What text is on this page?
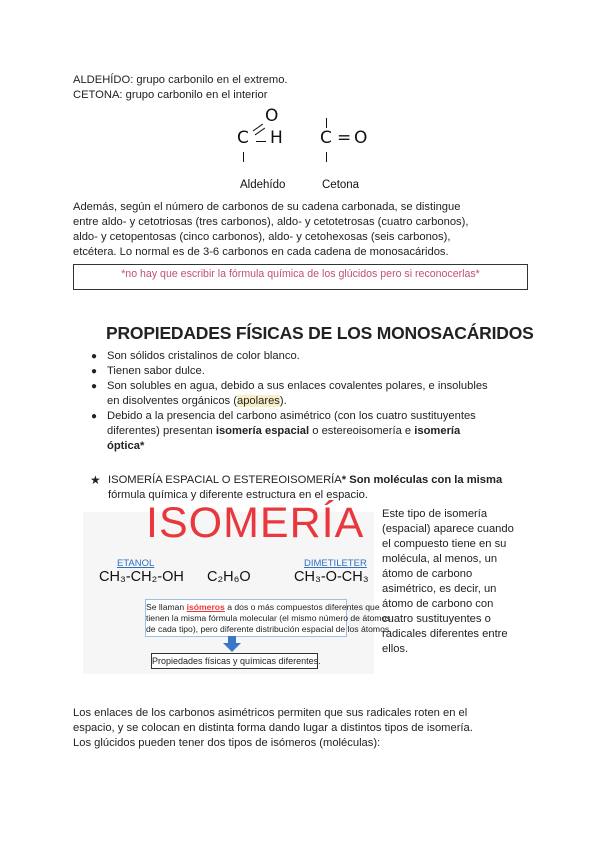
ALDEHÍDO: grupo carbonilo en el extremo.
CETONA: grupo carbonilo en el interior
C
O
H
Aldehído
C = O
Cetona
Además, según el número de carbonos de su cadena carbonada, se distingue
entre aldo- y cetotriosas (tres carbonos), aldo- y cetotetrosas (cuatro carbonos),
aldo- y cetopentosas (cinco carbonos), aldo- y cetohexosas (seis carbonos),
etcétera. Lo normal es de 3-6 carbonos en cada cadena de monosacáridos.
*no hay que escribir la fórmula química de los glúcidos pero si reconocerlas*
PROPIEDADES FÍSICAS DE LOS MONOSACÁRIDOS
● Son sólidos cristalinos de color blanco.
● Tienen sabor dulce.
● Son solubles en agua, debido a sus enlaces covalentes polares, e insolubles
en disolventes orgánicos (apolares).
● Debido a la presencia del carbono asimétrico (con los cuatro sustituyentes
diferentes) presentan isomería espacial o estereoisomería e isomería
óptica*
★ ISOMERÍA ESPACIAL O ESTEREOISOMERÍA* Son moléculas con la misma
fórmula química y diferente estructura en el espacio.
ISOMERÍA
ETANOL	DIMETILETER
CH₃-CH₂-OH C₂H₆O	CH₃-O-CH₃
Se llaman isómeros a dos o más compuestos diferentes que
tienen la misma fórmula molecular (el mismo número de átomos
de cada tipo), pero diferente distribución espacial de los átomos.
Propiedades físicas y químicas diferentes.
Este tipo de isomería
(espacial) aparece cuando
el compuesto tiene en su
molécula, al menos, un
átomo de carbono
asimétrico, es decir, un
átomo de carbono con
cuatro sustituyentes o
radicales diferentes entre
ellos.
Los enlaces de los carbonos asimétricos permiten que sus radicales roten en el
espacio, y se colocan en distinta forma dando lugar a distintos tipos de isomería.
Los glúcidos pueden tener dos tipos de isómeros (moléculas):
